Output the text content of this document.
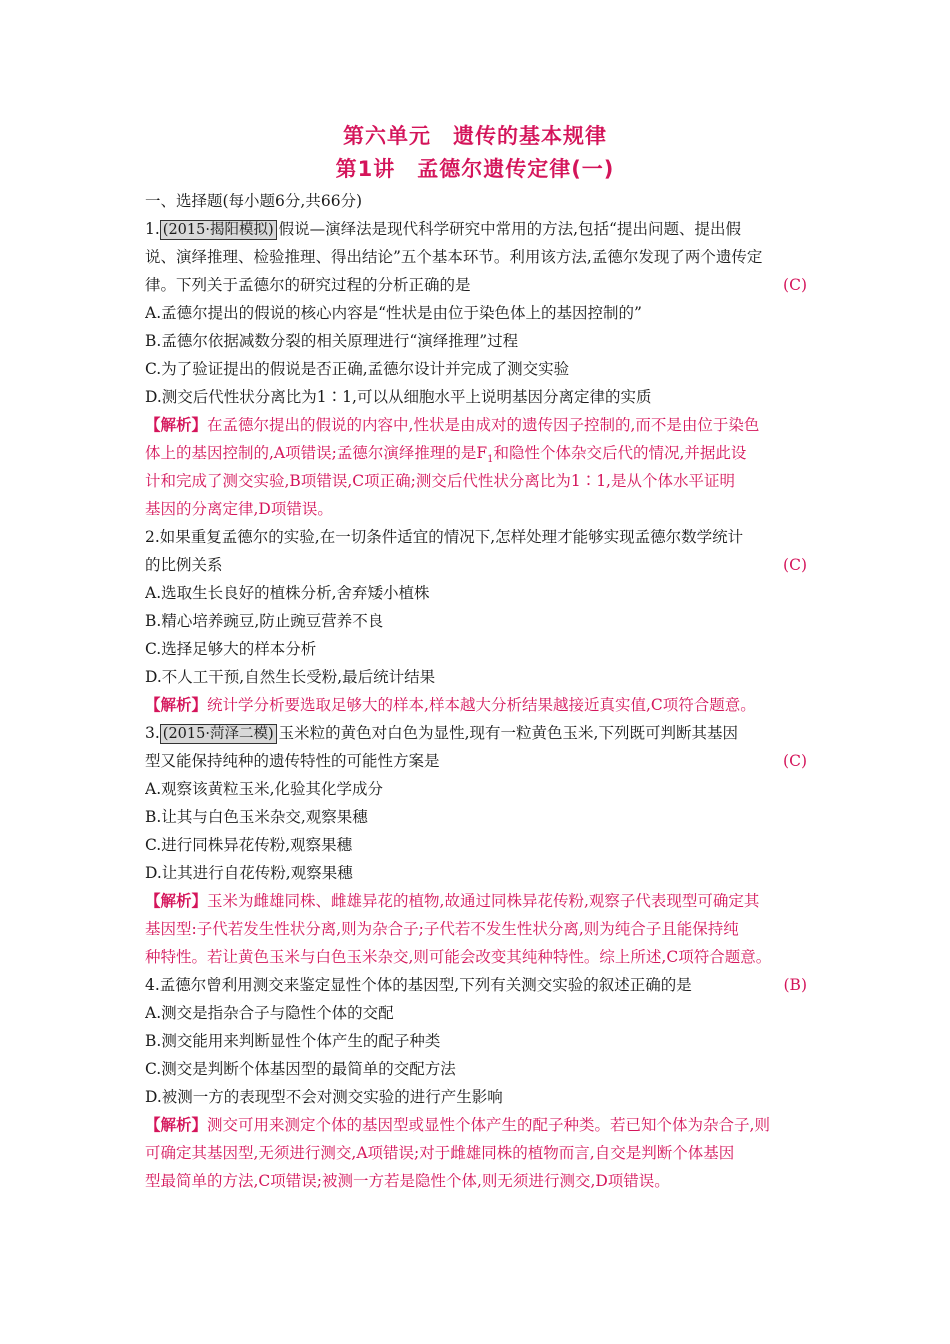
第六单元　遗传的基本规律
第1讲　孟德尔遗传定律(一)
一、选择题(每小题6分,共66分)
1. (2015·揭阳模拟) 假说—演绎法是现代科学研究中常用的方法,包括“提出问题、提出假
说、演绎推理、检验推理、得出结论”五个基本环节。利用该方法,孟德尔发现了两个遗传定
律。下列关于孟德尔的研究过程的分析正确的是	(C)
A.孟德尔提出的假说的核心内容是“性状是由位于染色体上的基因控制的”
B.孟德尔依据减数分裂的相关原理进行“演绎推理”过程
C.为了验证提出的假说是否正确,孟德尔设计并完成了测交实验
D.测交后代性状分离比为1∶1,可以从细胞水平上说明基因分离定律的实质
【解析】在孟德尔提出的假说的内容中,性状是由成对的遗传因子控制的,而不是由位于染色
体上的基因控制的,A项错误;孟德尔演绎推理的是$F_1$和隐性个体杂交后代的情况,并据此设
计和完成了测交实验,B项错误,C项正确;测交后代性状分离比为1∶1,是从个体水平证明
基因的分离定律,D项错误。
2.如果重复孟德尔的实验,在一切条件适宜的情况下,怎样处理才能够实现孟德尔数学统计
的比例关系	(C)
A.选取生长良好的植株分析,舍弃矮小植株
B.精心培养豌豆,防止豌豆营养不良
C.选择足够大的样本分析
D.不人工干预,自然生长受粉,最后统计结果
【解析】统计学分析要选取足够大的样本,样本越大分析结果越接近真实值,C项符合题意。
3. (2015·菏泽二模) 玉米粒的黄色对白色为显性,现有一粒黄色玉米,下列既可判断其基因
型又能保持纯种的遗传特性的可能性方案是	(C)
A.观察该黄粒玉米,化验其化学成分
B.让其与白色玉米杂交,观察果穗
C.进行同株异花传粉,观察果穗
D.让其进行自花传粉,观察果穗
【解析】玉米为雌雄同株、雌雄异花的植物,故通过同株异花传粉,观察子代表现型可确定其
基因型:子代若发生性状分离,则为杂合子;子代若不发生性状分离,则为纯合子且能保持纯
种特性。若让黄色玉米与白色玉米杂交,则可能会改变其纯种特性。综上所述,C项符合题意。
4.孟德尔曾利用测交来鉴定显性个体的基因型,下列有关测交实验的叙述正确的是	(B)
A.测交是指杂合子与隐性个体的交配
B.测交能用来判断显性个体产生的配子种类
C.测交是判断个体基因型的最简单的交配方法
D.被测一方的表现型不会对测交实验的进行产生影响
【解析】测交可用来测定个体的基因型或显性个体产生的配子种类。若已知个体为杂合子,则
可确定其基因型,无须进行测交,A项错误;对于雌雄同株的植物而言,自交是判断个体基因
型最简单的方法,C项错误;被测一方若是隐性个体,则无须进行测交,D项错误。
